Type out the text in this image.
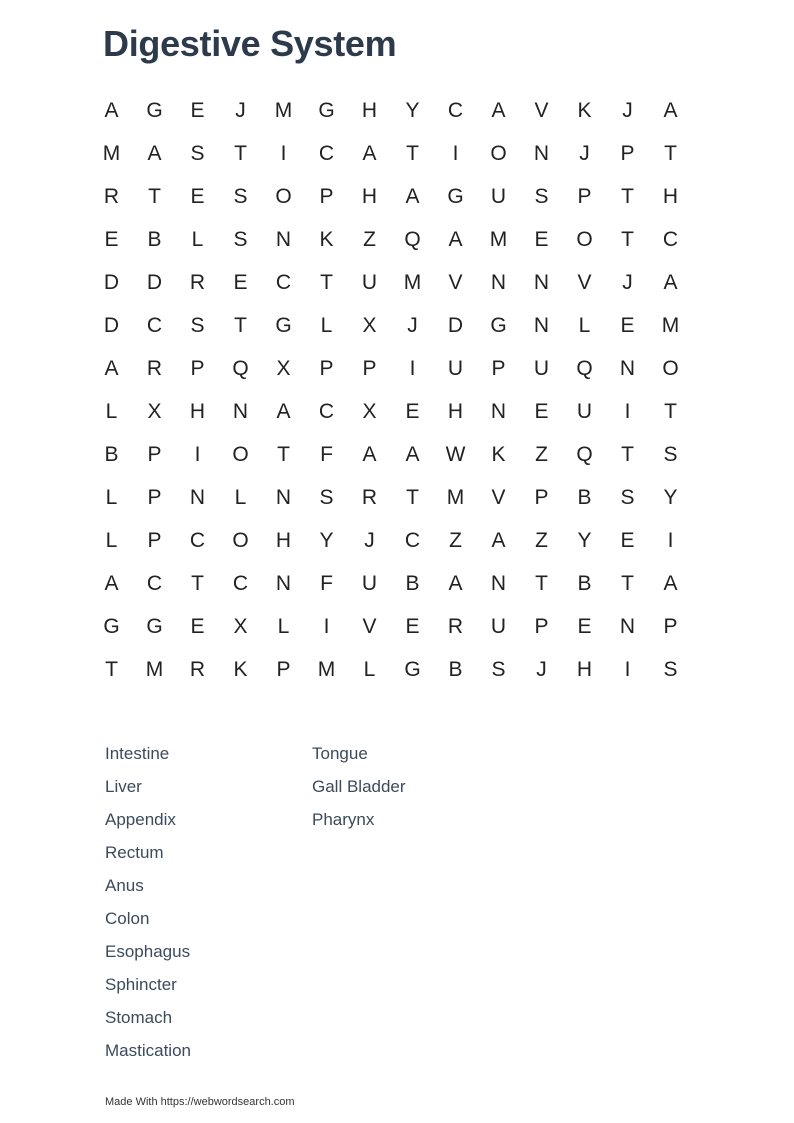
Digestive System
A	G	E	J	M	G	H	Y	C	A	V	K	J	A
M	A	S	T	I	C	A	T	I	O	N	J	P	T
R	T	E	S	O	P	H	A	G	U	S	P	T	H
E	B	L	S	N	K	Z	Q	A	M	E	O	T	C
D	D	R	E	C	T	U	M	V	N	N	V	J	A
D	C	S	T	G	L	X	J	D	G	N	L	E	M
A	R	P	Q	X	P	P	I	U	P	U	Q	N	O
L	X	H	N	A	C	X	E	H	N	E	U	I	T
B	P	I	O	T	F	A	A	W	K	Z	Q	T	S
L	P	N	L	N	S	R	T	M	V	P	B	S	Y
L	P	C	O	H	Y	J	C	Z	A	Z	Y	E	I
A	C	T	C	N	F	U	B	A	N	T	B	T	A
G	G	E	X	L	I	V	E	R	U	P	E	N	P
T	M	R	K	P	M	L	G	B	S	J	H	I	S
Intestine
Liver
Appendix
Rectum
Anus
Colon
Esophagus
Sphincter
Stomach
Mastication
Tongue
Gall Bladder
Pharynx
Made With https://webwordsearch.com
